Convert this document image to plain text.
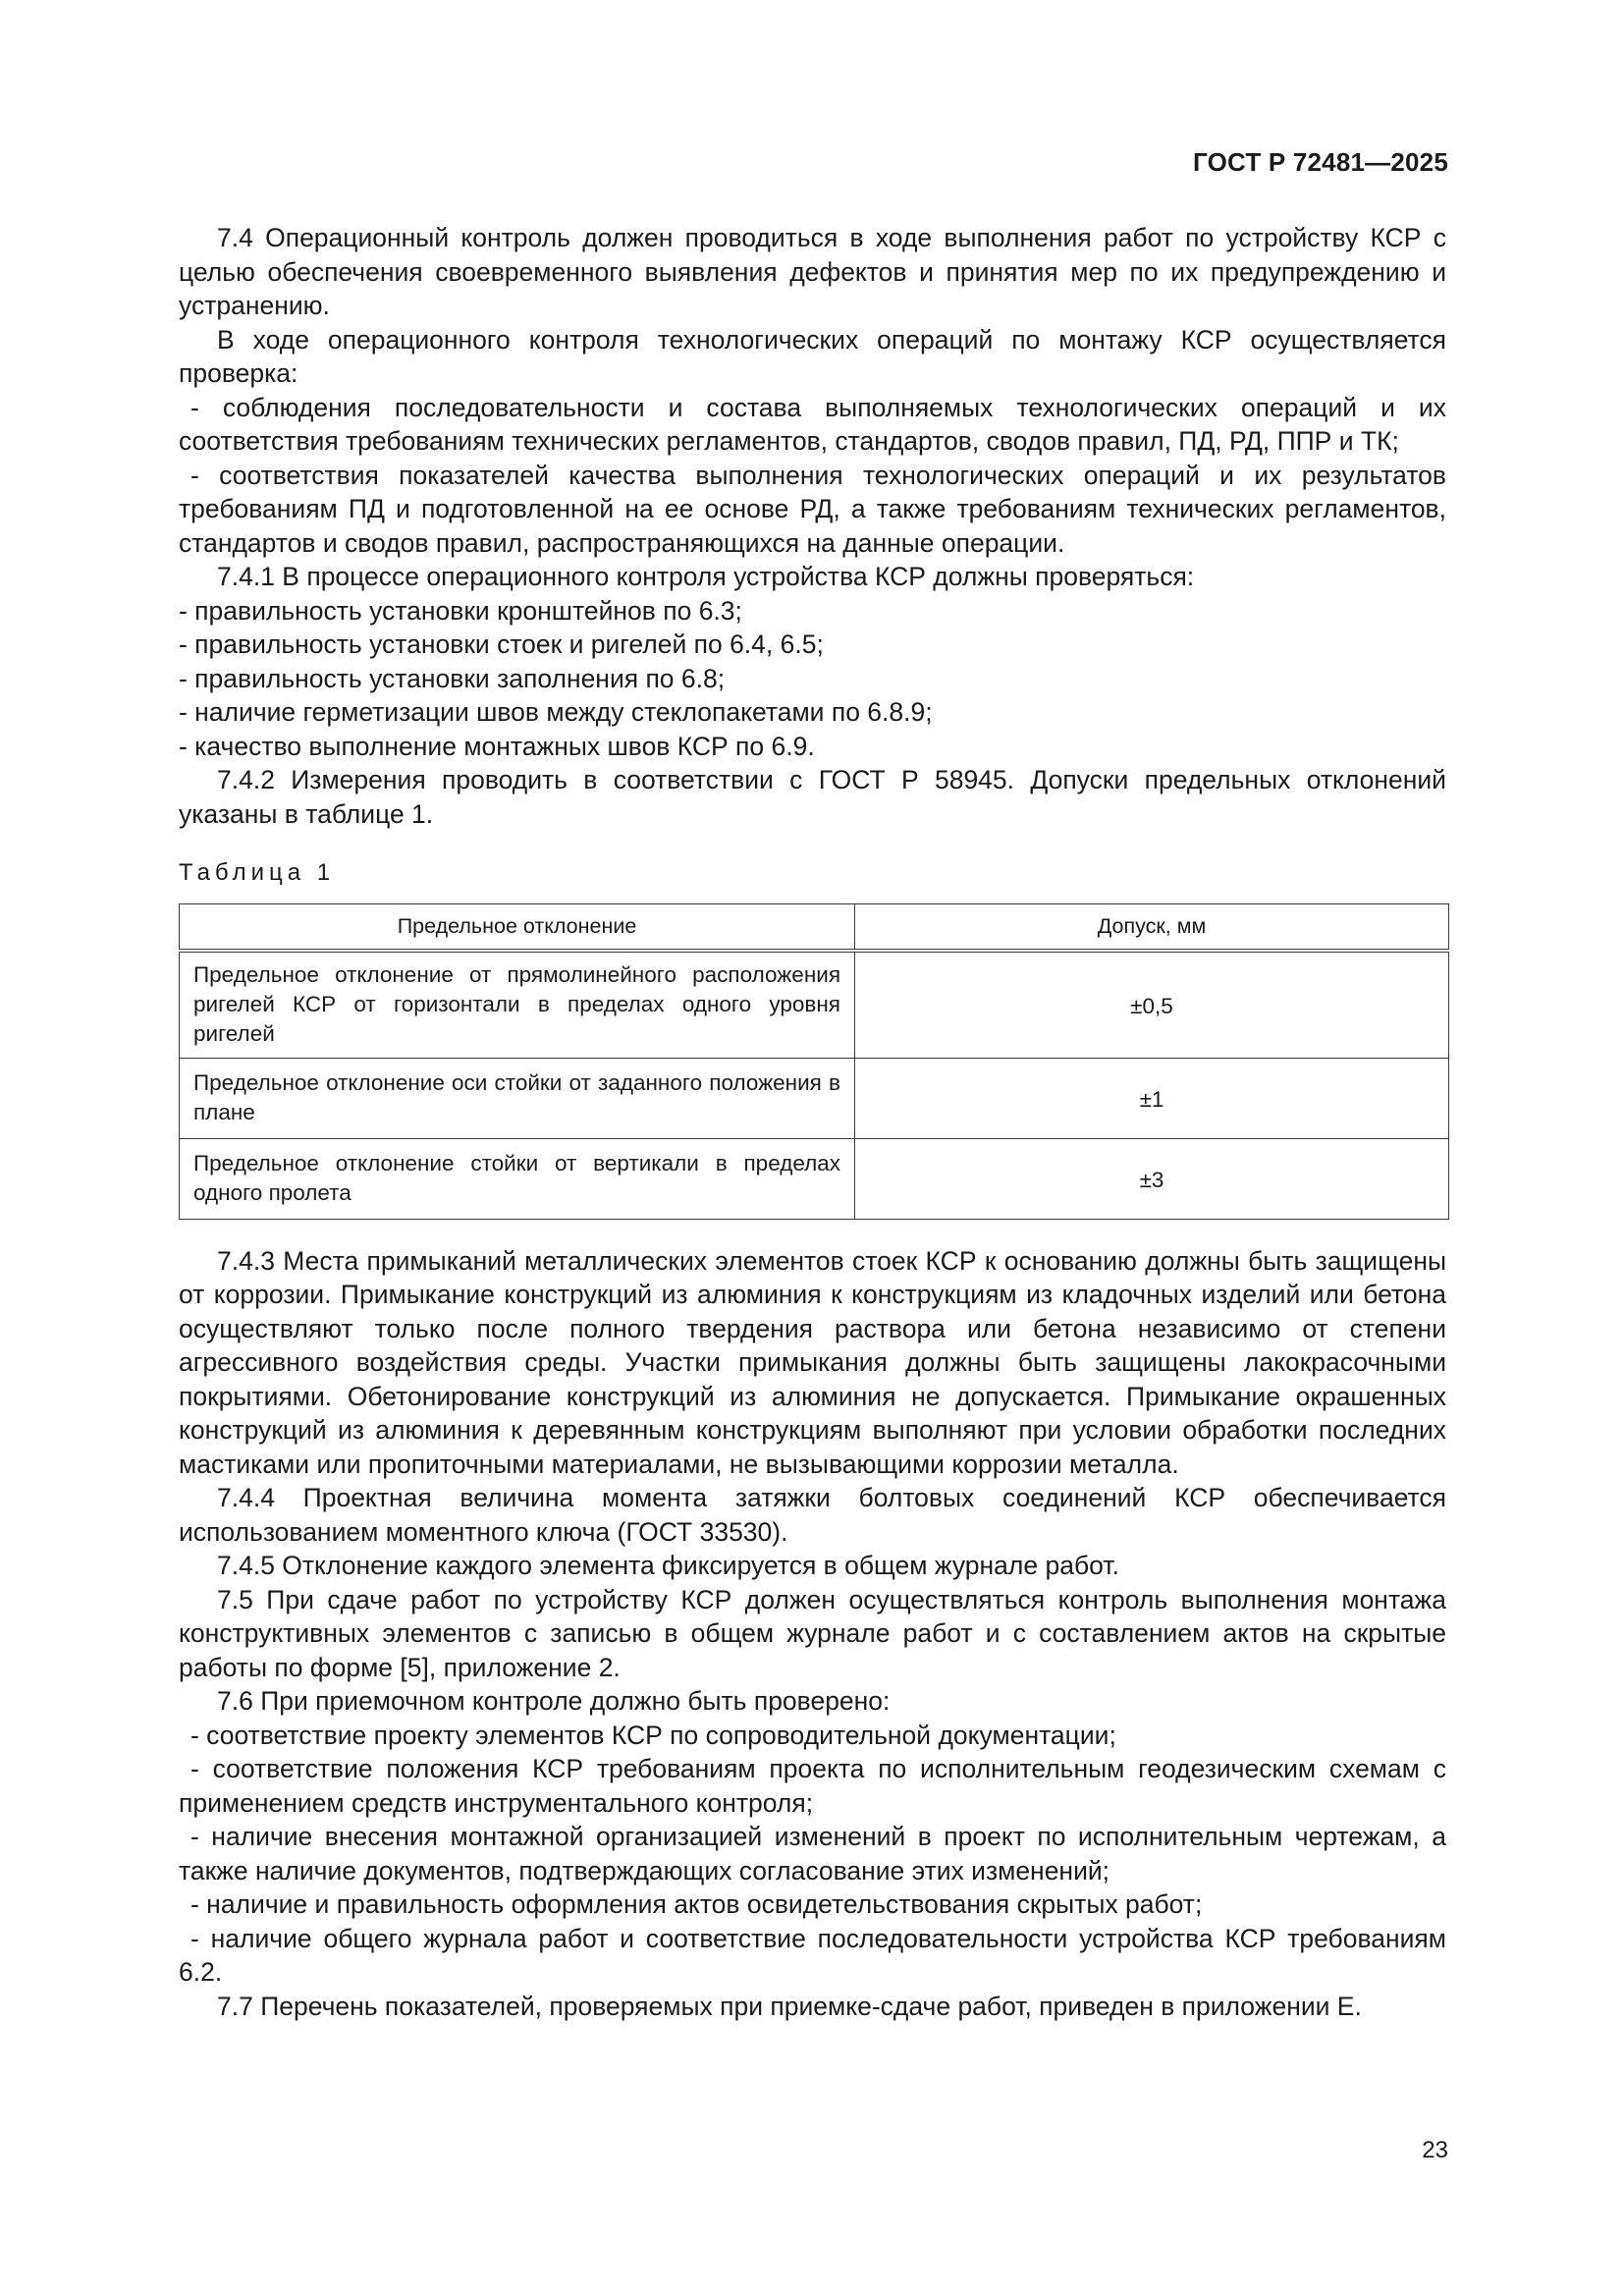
ГОСТ Р 72481—2025

7.4 Операционный контроль должен проводиться в ходе выполнения работ по устройству КСР с целью обеспечения своевременного выявления дефектов и принятия мер по их предупреждению и устранению.

В ходе операционного контроля технологических операций по монтажу КСР осуществляется проверка:

- соблюдения последовательности и состава выполняемых технологических операций и их соответствия требованиям технических регламентов, стандартов, сводов правил, ПД, РД, ППР и ТК;

- соответствия показателей качества выполнения технологических операций и их результатов требованиям ПД и подготовленной на ее основе РД, а также требованиям технических регламентов, стандартов и сводов правил, распространяющихся на данные операции.

7.4.1 В процессе операционного контроля устройства КСР должны проверяться:

- правильность установки кронштейнов по 6.3;

- правильность установки стоек и ригелей по 6.4, 6.5;

- правильность установки заполнения по 6.8;

- наличие герметизации швов между стеклопакетами по 6.8.9;

- качество выполнение монтажных швов КСР по 6.9.

7.4.2 Измерения проводить в соответствии с ГОСТ Р 58945. Допуски предельных отклонений указаны в таблице 1.

Таблица 1
Предельное отклонение	Допуск, мм
Предельное отклонение от прямолинейного расположения ригелей КСР от горизонтали в пределах одного уровня ригелей	±0,5
Предельное отклонение оси стойки от заданного положения в плане	±1
Предельное отклонение стойки от вертикали в пределах одного пролета	±3

7.4.3 Места примыканий металлических элементов стоек КСР к основанию должны быть защищены от коррозии. Примыкание конструкций из алюминия к конструкциям из кладочных изделий или бетона осуществляют только после полного твердения раствора или бетона независимо от степени агрессивного воздействия среды. Участки примыкания должны быть защищены лакокрасочными покрытиями. Обетонирование конструкций из алюминия не допускается. Примыкание окрашенных конструкций из алюминия к деревянным конструкциям выполняют при условии обработки последних мастиками или пропиточными материалами, не вызывающими коррозии металла.

7.4.4 Проектная величина момента затяжки болтовых соединений КСР обеспечивается использованием моментного ключа (ГОСТ 33530).

7.4.5 Отклонение каждого элемента фиксируется в общем журнале работ.

7.5 При сдаче работ по устройству КСР должен осуществляться контроль выполнения монтажа конструктивных элементов с записью в общем журнале работ и с составлением актов на скрытые работы по форме [5], приложение 2.

7.6 При приемочном контроле должно быть проверено:

- соответствие проекту элементов КСР по сопроводительной документации;

- соответствие положения КСР требованиям проекта по исполнительным геодезическим схемам с применением средств инструментального контроля;

- наличие внесения монтажной организацией изменений в проект по исполнительным чертежам, а также наличие документов, подтверждающих согласование этих изменений;

- наличие и правильность оформления актов освидетельствования скрытых работ;

- наличие общего журнала работ и соответствие последовательности устройства КСР требованиям 6.2.

7.7 Перечень показателей, проверяемых при приемке-сдаче работ, приведен в приложении Е.

23
